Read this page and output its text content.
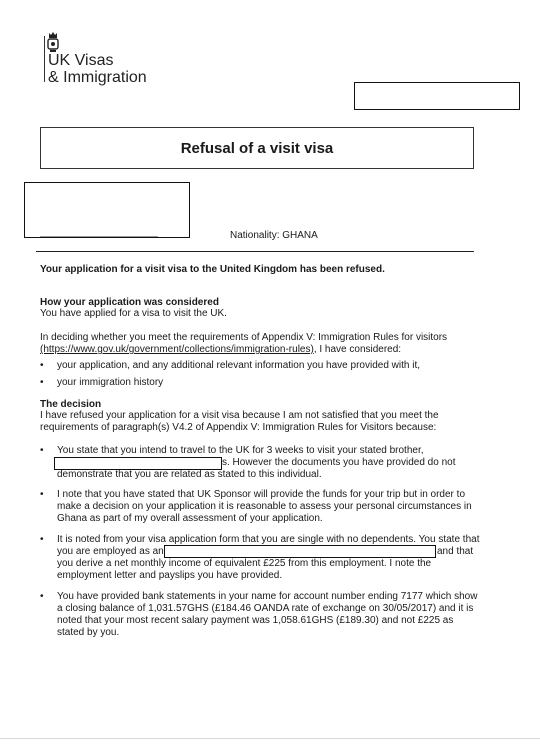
UK Visas
& Immigration
Refusal of a visit visa
Nationality: GHANA
Your application for a visit visa to the United Kingdom has been refused.
How your application was considered
You have applied for a visa to visit the UK.
In deciding whether you meet the requirements of Appendix V: Immigration Rules for visitors
(https://www.gov.uk/government/collections/immigration-rules), I have considered:
• your application, and any additional relevant information you have provided with it,
• your immigration history
The decision
I have refused your application for a visit visa because I am not satisfied that you meet the
requirements of paragraph(s) V4.2 of Appendix V: Immigration Rules for Visitors because:
• You state that you intend to travel to the UK for 3 weeks to visit your stated brother,
s. However the documents you have provided do not
demonstrate that you are related as stated to this individual.
• I note that you have stated that UK Sponsor will provide the funds for your trip but in order to
make a decision on your application it is reasonable to assess your personal circumstances in
Ghana as part of my overall assessment of your application.
• It is noted from your visa application form that you are single with no dependents. You state that
you are employed as an	and that
you derive a net monthly income of equivalent £225 from this employment. I note the
employment letter and payslips you have provided.
• You have provided bank statements in your name for account number ending 7177 which show
a closing balance of 1,031.57GHS (£184.46 OANDA rate of exchange on 30/05/2017) and it is
noted that your most recent salary payment was 1,058.61GHS (£189.30) and not £225 as
stated by you.
